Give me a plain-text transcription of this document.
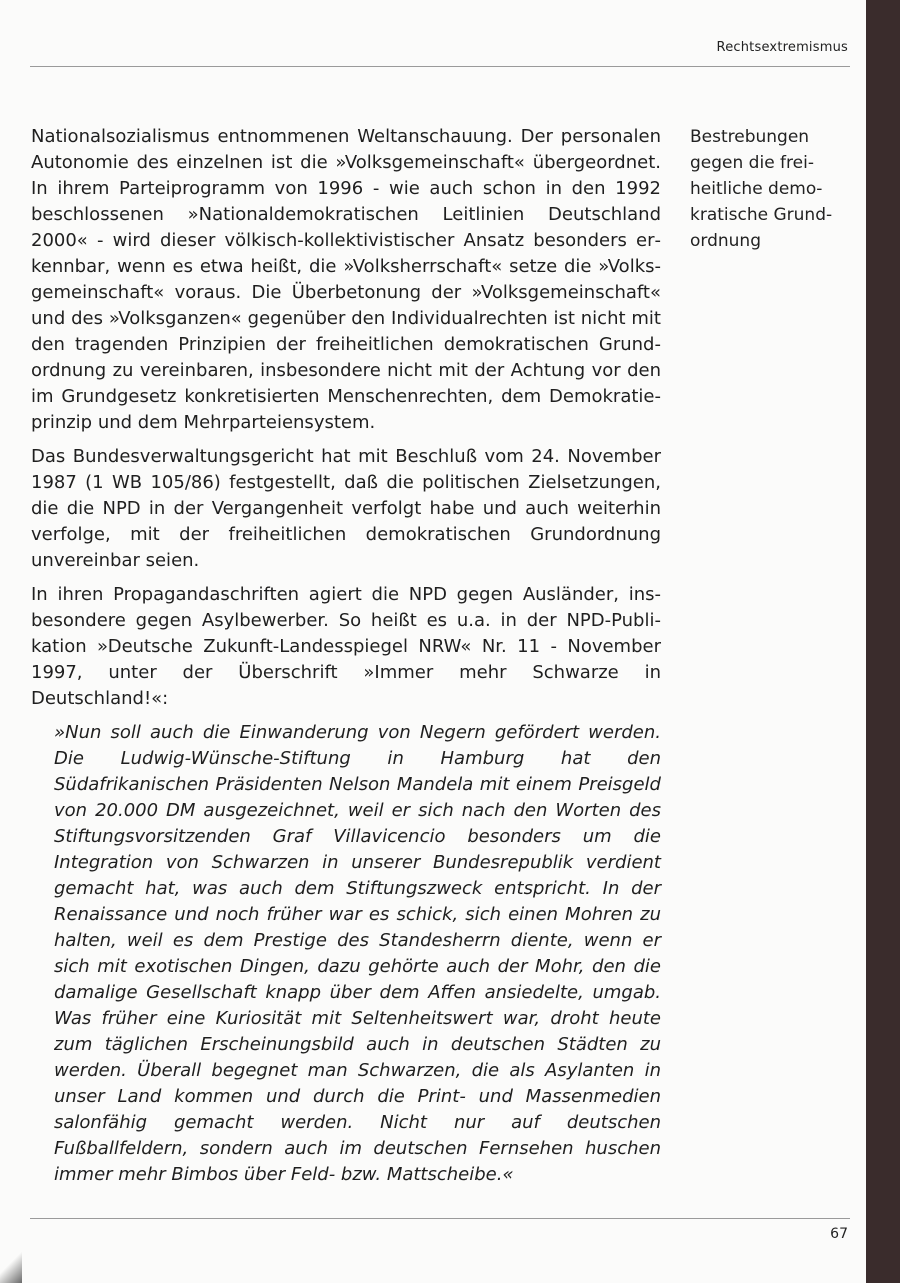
Rechtsextremismus

Nationalsozialismus entnommenen Weltanschauung. Der personalen Autonomie des einzelnen ist die »Volksgemeinschaft« übergeordnet. In ihrem Parteiprogramm von 1996 - wie auch schon in den 1992 beschlossenen »Nationaldemokratischen Leitlinien Deutschland 2000« - wird dieser völkisch-kollektivistischer Ansatz besonders erkennbar, wenn es etwa heißt, die »Volksherrschaft« setze die »Volksgemeinschaft« voraus. Die Überbetonung der »Volksgemeinschaft« und des »Volksganzen« gegenüber den Individualrechten ist nicht mit den tragenden Prinzipien der freiheitlichen demokratischen Grundordnung zu vereinbaren, insbesondere nicht mit der Achtung vor den im Grundgesetz konkretisierten Menschenrechten, dem Demokratieprinzip und dem Mehrparteiensystem.

Das Bundesverwaltungsgericht hat mit Beschluß vom 24. November 1987 (1 WB 105/86) festgestellt, daß die politischen Zielsetzungen, die die NPD in der Vergangenheit verfolgt habe und auch weiterhin verfolge, mit der freiheitlichen demokratischen Grundordnung unvereinbar seien.

In ihren Propagandaschriften agiert die NPD gegen Ausländer, insbesondere gegen Asylbewerber. So heißt es u.a. in der NPD-Publikation »Deutsche Zukunft-Landesspiegel NRW« Nr. 11 - November 1997, unter der Überschrift »Immer mehr Schwarze in Deutschland!«:

»Nun soll auch die Einwanderung von Negern gefördert werden. Die Ludwig-Wünsche-Stiftung in Hamburg hat den Südafrikanischen Präsidenten Nelson Mandela mit einem Preisgeld von 20.000 DM ausgezeichnet, weil er sich nach den Worten des Stiftungsvorsitzenden Graf Villavicencio besonders um die Integration von Schwarzen in unserer Bundesrepublik verdient gemacht hat, was auch dem Stiftungszweck entspricht. In der Renaissance und noch früher war es schick, sich einen Mohren zu halten, weil es dem Prestige des Standesherrn diente, wenn er sich mit exotischen Dingen, dazu gehörte auch der Mohr, den die damalige Gesellschaft knapp über dem Affen ansiedelte, umgab. Was früher eine Kuriosität mit Seltenheitswert war, droht heute zum täglichen Erscheinungsbild auch in deutschen Städten zu werden. Überall begegnet man Schwarzen, die als Asylanten in unser Land kommen und durch die Print- und Massenmedien salonfähig gemacht werden. Nicht nur auf deutschen Fußballfeldern, sondern auch im deutschen Fernsehen huschen immer mehr Bimbos über Feld- bzw. Mattscheibe.«

Bestrebungen gegen die freiheitliche demokratische Grundordnung
67
